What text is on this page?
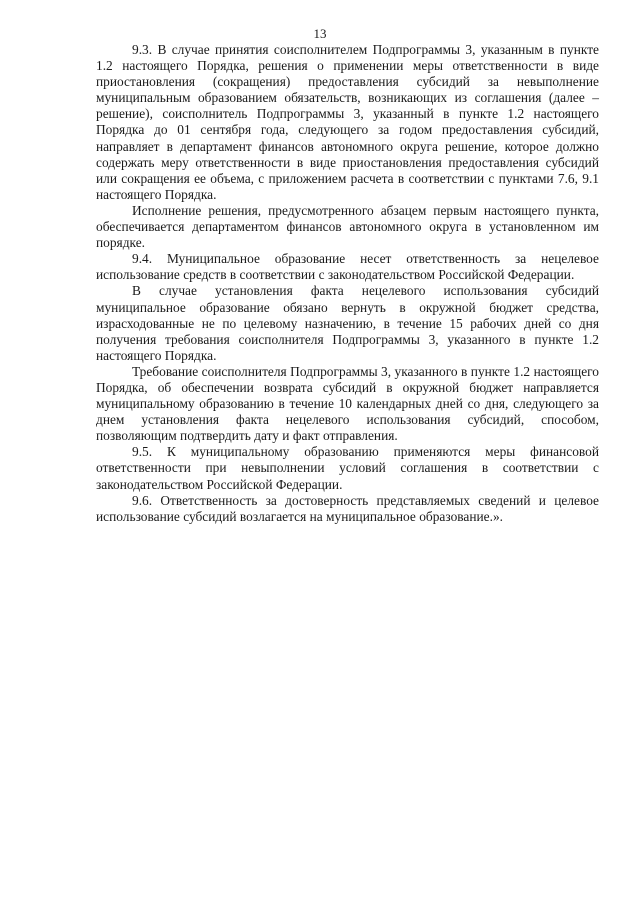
13

9.3. В случае принятия соисполнителем Подпрограммы 3, указанным в пункте 1.2 настоящего Порядка, решения о применении меры ответственности в виде приостановления (сокращения) предоставления субсидий за невыполнение муниципальным образованием обязательств, возникающих из соглашения (далее – решение), соисполнитель Подпрограммы 3, указанный в пункте 1.2 настоящего Порядка до 01 сентября года, следующего за годом предоставления субсидий, направляет в департамент финансов автономного округа решение, которое должно содержать меру ответственности в виде приостановления предоставления субсидий или сокращения ее объема, с приложением расчета в соответствии с пунктами 7.6, 9.1 настоящего Порядка.

Исполнение решения, предусмотренного абзацем первым настоящего пункта, обеспечивается департаментом финансов автономного округа в установленном им порядке.

9.4. Муниципальное образование несет ответственность за нецелевое использование средств в соответствии с законодательством Российской Федерации.

В случае установления факта нецелевого использования субсидий муниципальное образование обязано вернуть в окружной бюджет средства, израсходованные не по целевому назначению, в течение 15 рабочих дней со дня получения требования соисполнителя Подпрограммы 3, указанного в пункте 1.2 настоящего Порядка.

Требование соисполнителя Подпрограммы 3, указанного в пункте 1.2 настоящего Порядка, об обеспечении возврата субсидий в окружной бюджет направляется муниципальному образованию в течение 10 календарных дней со дня, следующего за днем установления факта нецелевого использования субсидий, способом, позволяющим подтвердить дату и факт отправления.

9.5. К муниципальному образованию применяются меры финансовой ответственности при невыполнении условий соглашения в соответствии с законодательством Российской Федерации.

9.6. Ответственность за достоверность представляемых сведений и целевое использование субсидий возлагается на муниципальное образование.».
